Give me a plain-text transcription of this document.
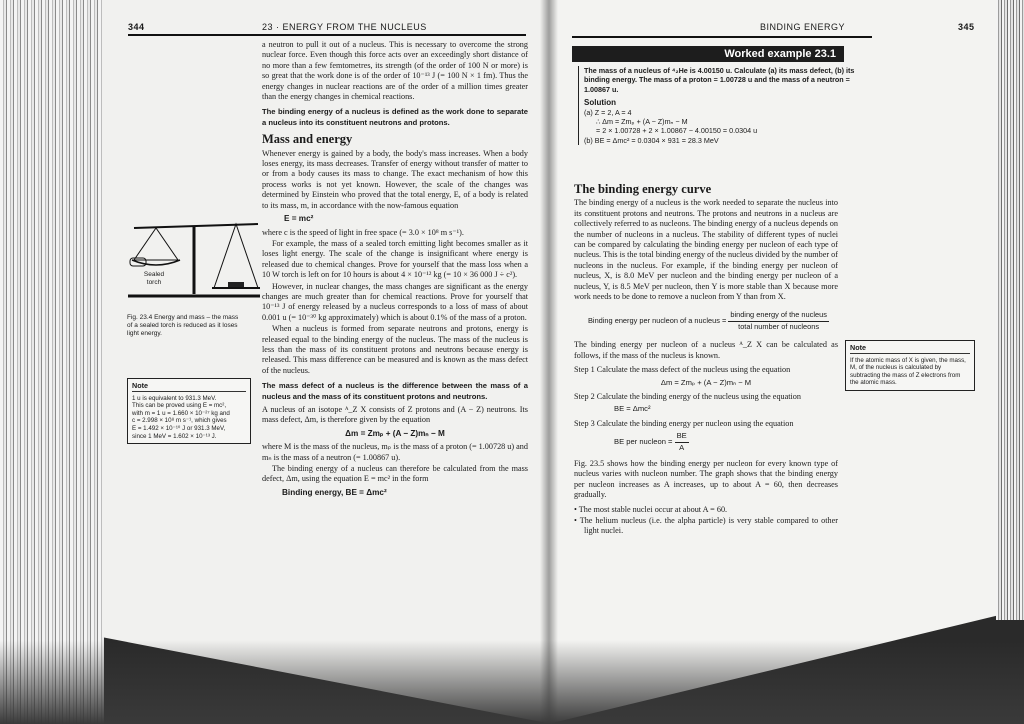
344	23 · ENERGY FROM THE NUCLEUS
Sealed torch
Fig. 23.4 Energy and mass – the mass of a sealed torch is reduced as it loses light energy.
Note
1 u is equivalent to 931.3 MeV.
This can be proved using E = mc²,
with m = 1 u = 1.660 × 10⁻²⁷ kg and
c = 2.998 × 10⁸ m s⁻¹, which gives
E = 1.492 × 10⁻¹⁰ J or 931.3 MeV,
since 1 MeV = 1.602 × 10⁻¹³ J.

a neutron to pull it out of a nucleus. This is necessary to overcome the strong nuclear force. Even though this force acts over an exceedingly short distance of no more than a few femtometres, its strength (of the order of 100 N or more) is so great that the work done is of the order of 10⁻¹³ J (= 100 N × 1 fm). Thus the energy changes in nuclear reactions are of the order of a million times greater than the energy changes in chemical reactions.

The binding energy of a nucleus is defined as the work done to separate a nucleus into its constituent neutrons and protons.

Mass and energy

Whenever energy is gained by a body, the body's mass increases. When a body loses energy, its mass decreases. Transfer of energy without transfer of matter to or from a body causes its mass to change. The exact mechanism of how this process works is not yet known. However, the scale of the changes was determined by Einstein who proved that the total energy, E, of a body is related to its mass, m, in accordance with the now-famous equation

E = mc²

where c is the speed of light in free space (= 3.0 × 10⁸ m s⁻¹).

For example, the mass of a sealed torch emitting light becomes smaller as it loses light energy. The scale of the change is insignificant where energy is released due to chemical changes. Prove for yourself that the mass loss when a 10 W torch is left on for 10 hours is about 4 × 10⁻¹² kg (= 10 × 36 000 J ÷ c²).

However, in nuclear changes, the mass changes are significant as the energy changes are much greater than for chemical reactions. Prove for yourself that 10⁻¹³ J of energy released by a nucleus corresponds to a loss of mass of about 0.001 u (= 10⁻³⁰ kg approximately) which is about 0.1% of the mass of a proton.

When a nucleus is formed from separate neutrons and protons, energy is released equal to the binding energy of the nucleus. The mass of the nucleus is less than the mass of its constituent protons and neutrons because energy is released. This mass difference can be measured and is known as the mass defect of the nucleus.

The mass defect of a nucleus is the difference between the mass of a nucleus and the mass of its constituent protons and neutrons.

A nucleus of an isotope ᴬ_Z X consists of Z protons and (A − Z) neutrons. Its mass defect, Δm, is therefore given by the equation

Δm = Zmₚ + (A − Z)mₙ − M

where M is the mass of the nucleus, mₚ is the mass of a proton (= 1.00728 u) and mₙ is the mass of a neutron (= 1.00867 u).

The binding energy of a nucleus can therefore be calculated from the mass defect, Δm, using the equation E = mc² in the form

Binding energy, BE = Δmc²
BINDING ENERGY	345
Worked example 23.1
The mass of a nucleus of ⁴₂He is 4.00150 u. Calculate (a) its mass defect, (b) its binding energy. The mass of a proton = 1.00728 u and the mass of a neutron = 1.00867 u.
Solution
(a) Z = 2, A = 4
∴ Δm = Zmₚ + (A − Z)mₙ − M
= 2 × 1.00728 + 2 × 1.00867 − 4.00150 = 0.0304 u
(b) BE = Δmc² = 0.0304 × 931 = 28.3 MeV
The binding energy curve

The binding energy of a nucleus is the work needed to separate the nucleus into its constituent protons and neutrons. The protons and neutrons in a nucleus are collectively referred to as nucleons. The binding energy of a nucleus depends on the number of nucleons in a nucleus. The stability of different types of nuclei can be compared by calculating the binding energy per nucleon of each type of nucleus. This is the total binding energy of the nucleus divided by the number of nucleons in the nucleus. For example, if the binding energy per nucleon of nucleus, X, is 8.0 MeV per nucleon and the binding energy per nucleon of a nucleus, Y, is 8.5 MeV per nucleon, then Y is more stable than X because more work needs to be done to remove a nucleon from Y than from X.

Binding energy per nucleon of a nucleus = $\frac{\text{binding energy of the nucleus}}{\text{total number of nucleons}}$

The binding energy per nucleon of a nucleus ᴬ_Z X can be calculated as follows, if the mass of the nucleus is known.

Step 1 Calculate the mass defect of the nucleus using the equation

Δm = Zmₚ + (A − Z)mₙ − M

Step 2 Calculate the binding energy of the nucleus using the equation

BE = Δmc²

Step 3 Calculate the binding energy per nucleon using the equation

BE per nucleon = $\frac{BE}{A}$

Fig. 23.5 shows how the binding energy per nucleon for every known type of nucleus varies with nucleon number. The graph shows that the binding energy per nucleon increases as A increases, up to about A = 60, then decreases gradually.

• The most stable nuclei occur at about A = 60.

• The helium nucleus (i.e. the alpha particle) is very stable compared to other light nuclei.

Note
If the atomic mass of X is given, the mass, M, of the nucleus is calculated by subtracting the mass of Z electrons from the atomic mass.
